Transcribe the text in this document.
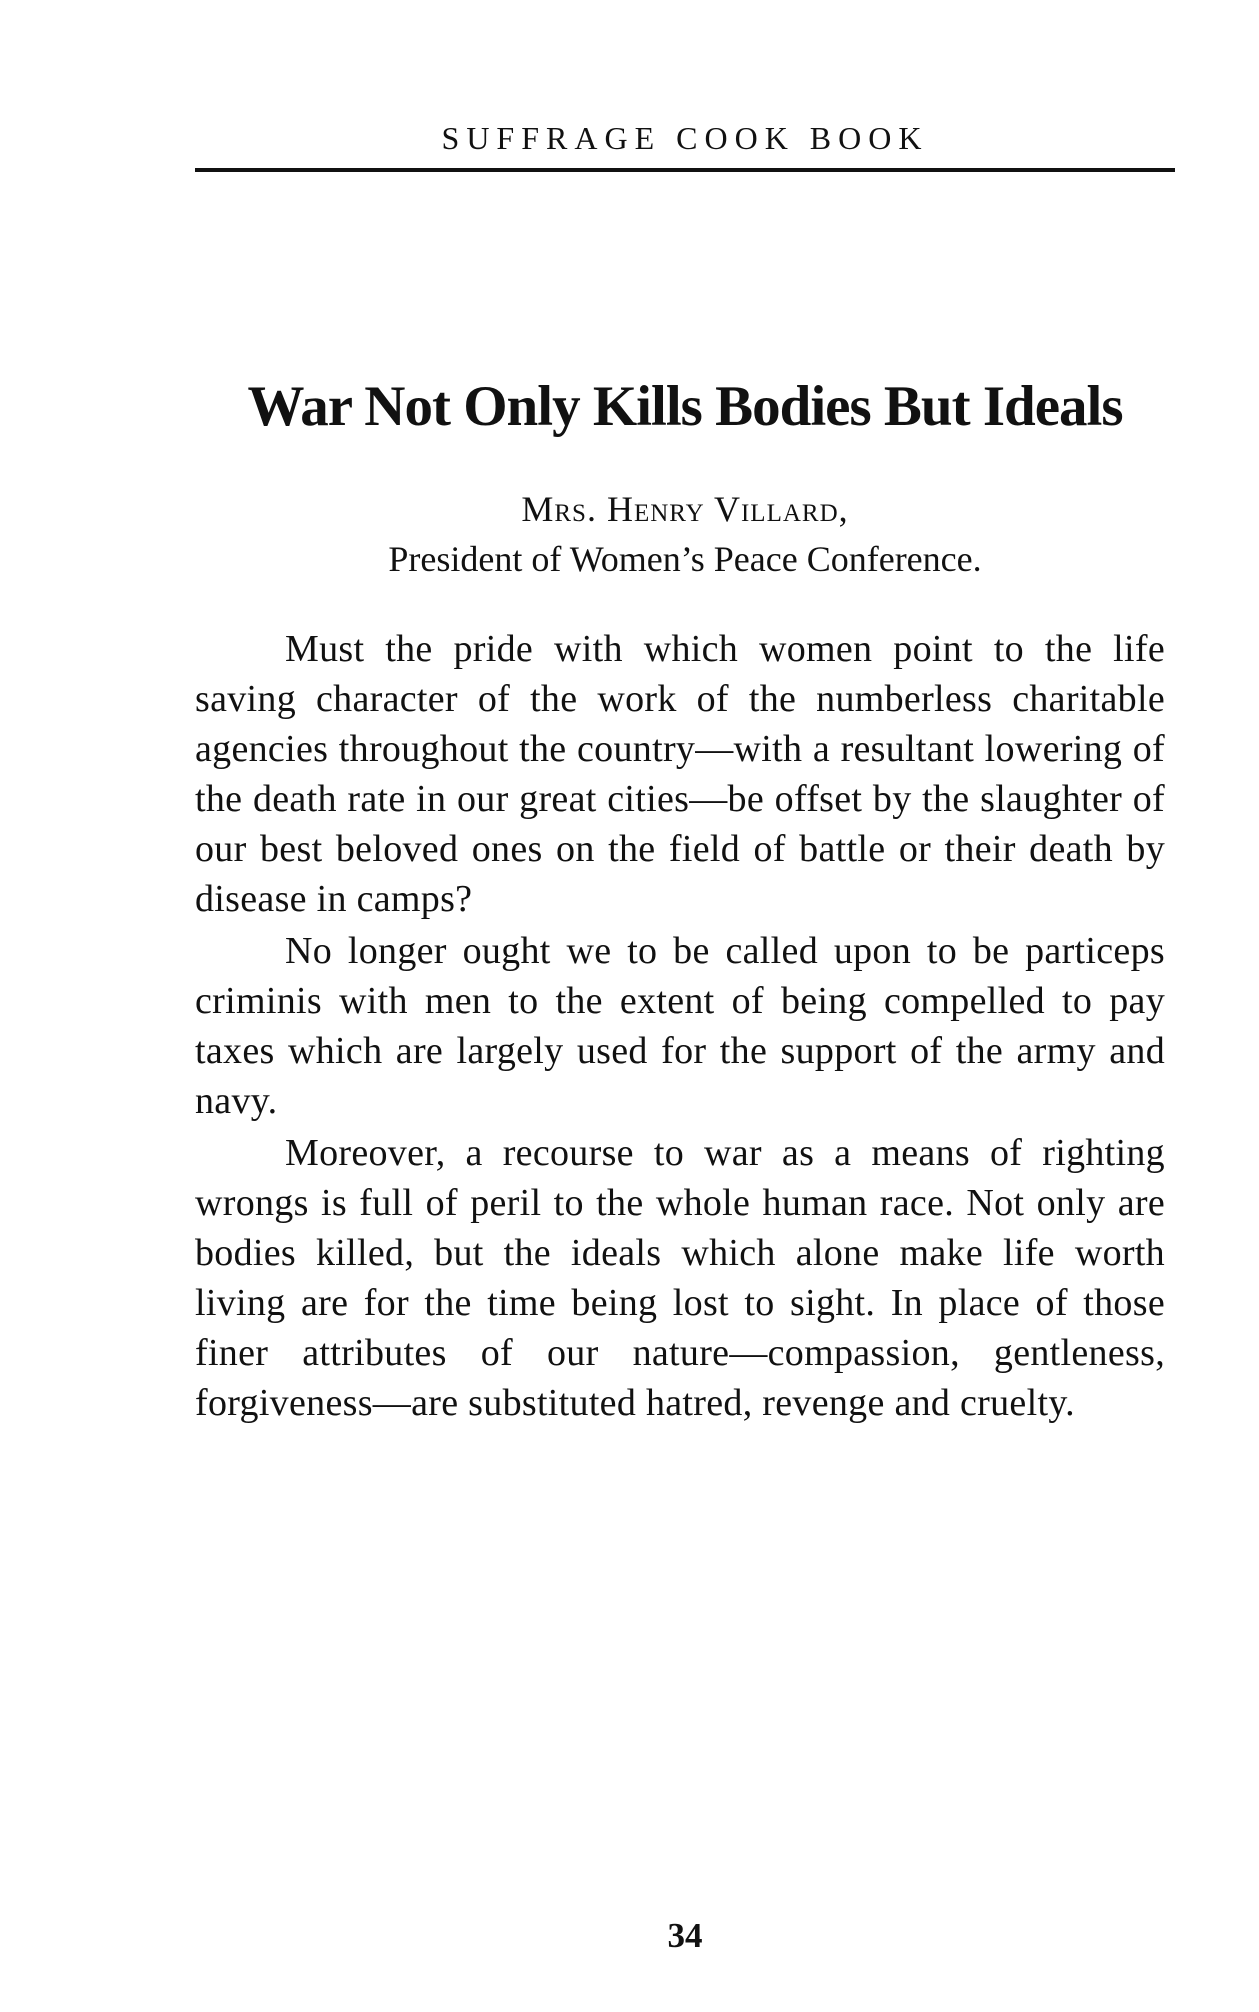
SUFFRAGE COOK BOOK
War Not Only Kills Bodies But Ideals
Mrs. Henry Villard,
President of Women’s Peace Conference.

Must the pride with which women point to the life saving character of the work of the numberless charitable agencies throughout the country—with a resultant lowering of the death rate in our great cities—be offset by the slaughter of our best beloved ones on the field of battle or their death by disease in camps?

No longer ought we to be called upon to be particeps criminis with men to the extent of being compelled to pay taxes which are largely used for the support of the army and navy.

Moreover, a recourse to war as a means of righting wrongs is full of peril to the whole human race. Not only are bodies killed, but the ideals which alone make life worth living are for the time being lost to sight. In place of those finer attributes of our nature—compassion, gentleness, forgiveness—are substituted hatred, revenge and cruelty.

34
